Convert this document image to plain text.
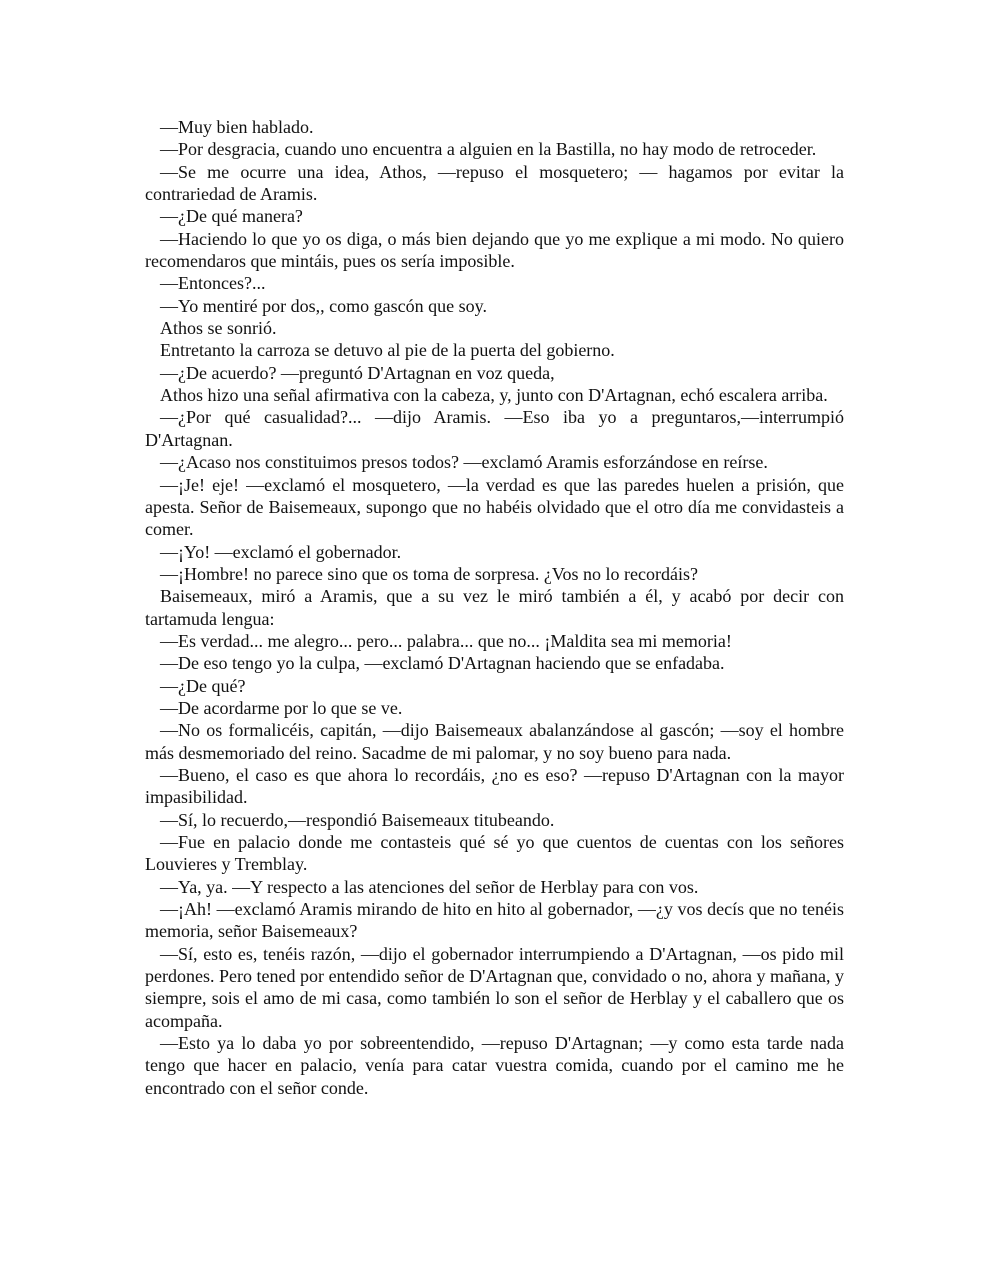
—Muy bien hablado.

—Por desgracia, cuando uno encuentra a alguien en la Bastilla, no hay modo de retroceder.

—Se me ocurre una idea, Athos, —repuso el mosquetero; — hagamos por evitar la contrariedad de Aramis.

—¿De qué manera?

—Haciendo lo que yo os diga, o más bien dejando que yo me explique a mi modo. No quiero recomendaros que mintáis, pues os sería imposible.

—Entonces?...

—Yo mentiré por dos,, como gascón que soy.

Athos se sonrió.

Entretanto la carroza se detuvo al pie de la puerta del gobierno.

—¿De acuerdo? —preguntó D'Artagnan en voz queda,

Athos hizo una señal afirmativa con la cabeza, y, junto con D'Artagnan, echó escalera arriba.

—¿Por qué casualidad?... —dijo Aramis. —Eso iba yo a preguntaros,—interrumpió D'Artagnan.

—¿Acaso nos constituimos presos todos? —exclamó Aramis esforzándose en reírse.

—¡Je! eje! —exclamó el mosquetero, —la verdad es que las paredes huelen a prisión, que apesta. Señor de Baisemeaux, supongo que no habéis olvidado que el otro día me convidasteis a comer.

—¡Yo! —exclamó el gobernador.

—¡Hombre! no parece sino que os toma de sorpresa. ¿Vos no lo recordáis?

Baisemeaux, miró a Aramis, que a su vez le miró también a él, y acabó por decir con tartamuda lengua:

—Es verdad... me alegro... pero... palabra... que no... ¡Maldita sea mi memoria!

—De eso tengo yo la culpa, —exclamó D'Artagnan haciendo que se enfadaba.

—¿De qué?

—De acordarme por lo que se ve.

—No os formalicéis, capitán, —dijo Baisemeaux abalanzándose al gascón; —soy el hombre más desmemoriado del reino. Sacadme de mi palomar, y no soy bueno para nada.

—Bueno, el caso es que ahora lo recordáis, ¿no es eso? —repuso D'Artagnan con la mayor impasibilidad.

—Sí, lo recuerdo,—respondió Baisemeaux titubeando.

—Fue en palacio donde me contasteis qué sé yo que cuentos de cuentas con los señores Louvieres y Tremblay.

—Ya, ya. —Y respecto a las atenciones del señor de Herblay para con vos.

—¡Ah! —exclamó Aramis mirando de hito en hito al gobernador, —¿y vos decís que no tenéis memoria, señor Baisemeaux?

—Sí, esto es, tenéis razón, —dijo el gobernador interrumpiendo a D'Artagnan, —os pido mil perdones. Pero tened por entendido señor de D'Artagnan que, convidado o no, ahora y mañana, y siempre, sois el amo de mi casa, como también lo son el señor de Herblay y el caballero que os acompaña.

—Esto ya lo daba yo por sobreentendido, —repuso D'Artagnan; —y como esta tarde nada tengo que hacer en palacio, venía para catar vuestra comida, cuando por el camino me he encontrado con el señor conde.
